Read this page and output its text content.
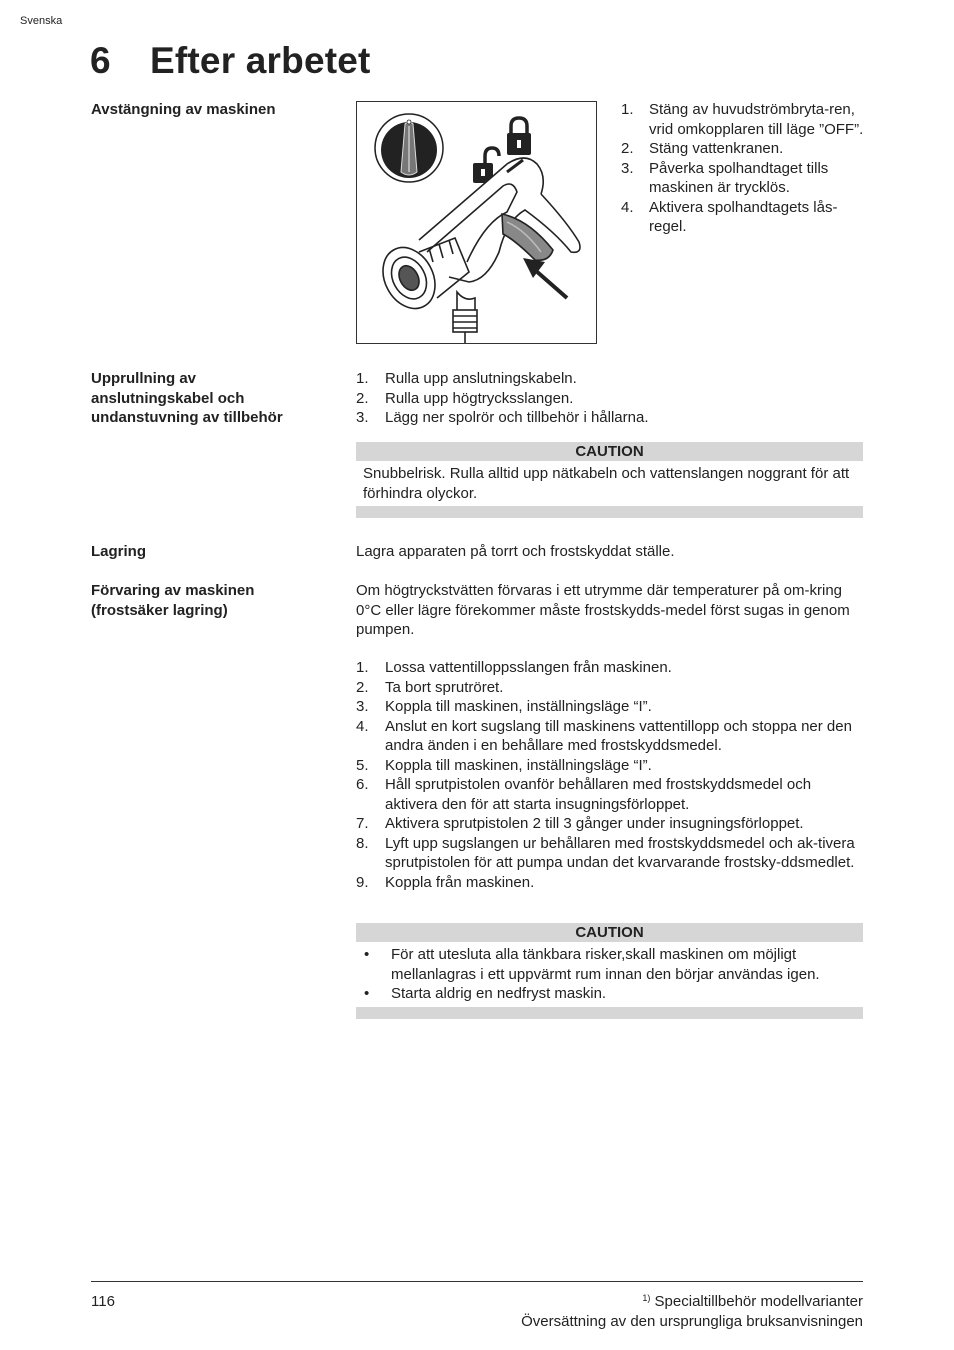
Svenska
6 Efter arbetet
Avstängning av maskinen	1. Stäng av huvudströmbryta-ren, vrid omkopplaren till läge ”OFF”.
2. Stäng vattenkranen.
3. Påverka spolhandtaget tills maskinen är trycklös.
4. Aktivera spolhandtagets lås-regel.
Upprullning av anslutningskabel och undanstuvning av tillbehör
1. Rulla upp anslutningskabeln.
2. Rulla upp högtrycksslangen.
3. Lägg ner spolrör och tillbehör i hållarna.
CAUTION
Snubbelrisk. Rulla alltid upp nätkabeln och vattenslangen noggrant för att förhindra olyckor.
Lagring	Lagra apparaten på torrt och frostskyddat ställe.

Förvaring av maskinen (frostsäker lagring)

Om högtryckstvätten förvaras i ett utrymme där temperaturer på om-kring 0°C eller lägre förekommer måste frostskydds-medel först sugas in genom pumpen.

1. Lossa vattentilloppsslangen från maskinen.
2. Ta bort sprutröret.
3. Koppla till maskinen, inställningsläge “I”.
4. Anslut en kort sugslang till maskinens vattentillopp och stoppa ner den andra änden i en behållare med frostskyddsmedel.
5. Koppla till maskinen, inställningsläge “I”.
6. Håll sprutpistolen ovanför behållaren med frostskyddsmedel och aktivera den för att starta insugningsförloppet.
7. Aktivera sprutpistolen 2 till 3 gånger under insugningsförloppet.
8. Lyft upp sugslangen ur behållaren med frostskyddsmedel och ak-tivera sprutpistolen för att pumpa undan det kvarvarande frostsky-ddsmedlet.
9. Koppla från maskinen.
CAUTION
• För att utesluta alla tänkbara risker,skall maskinen om möjligt mellanlagras i ett uppvärmt rum innan den börjar användas igen.
• Starta aldrig en nedfryst maskin.
116	$^{1)}$ Specialtillbehör modellvarianter
Översättning av den ursprungliga bruksanvisningen
